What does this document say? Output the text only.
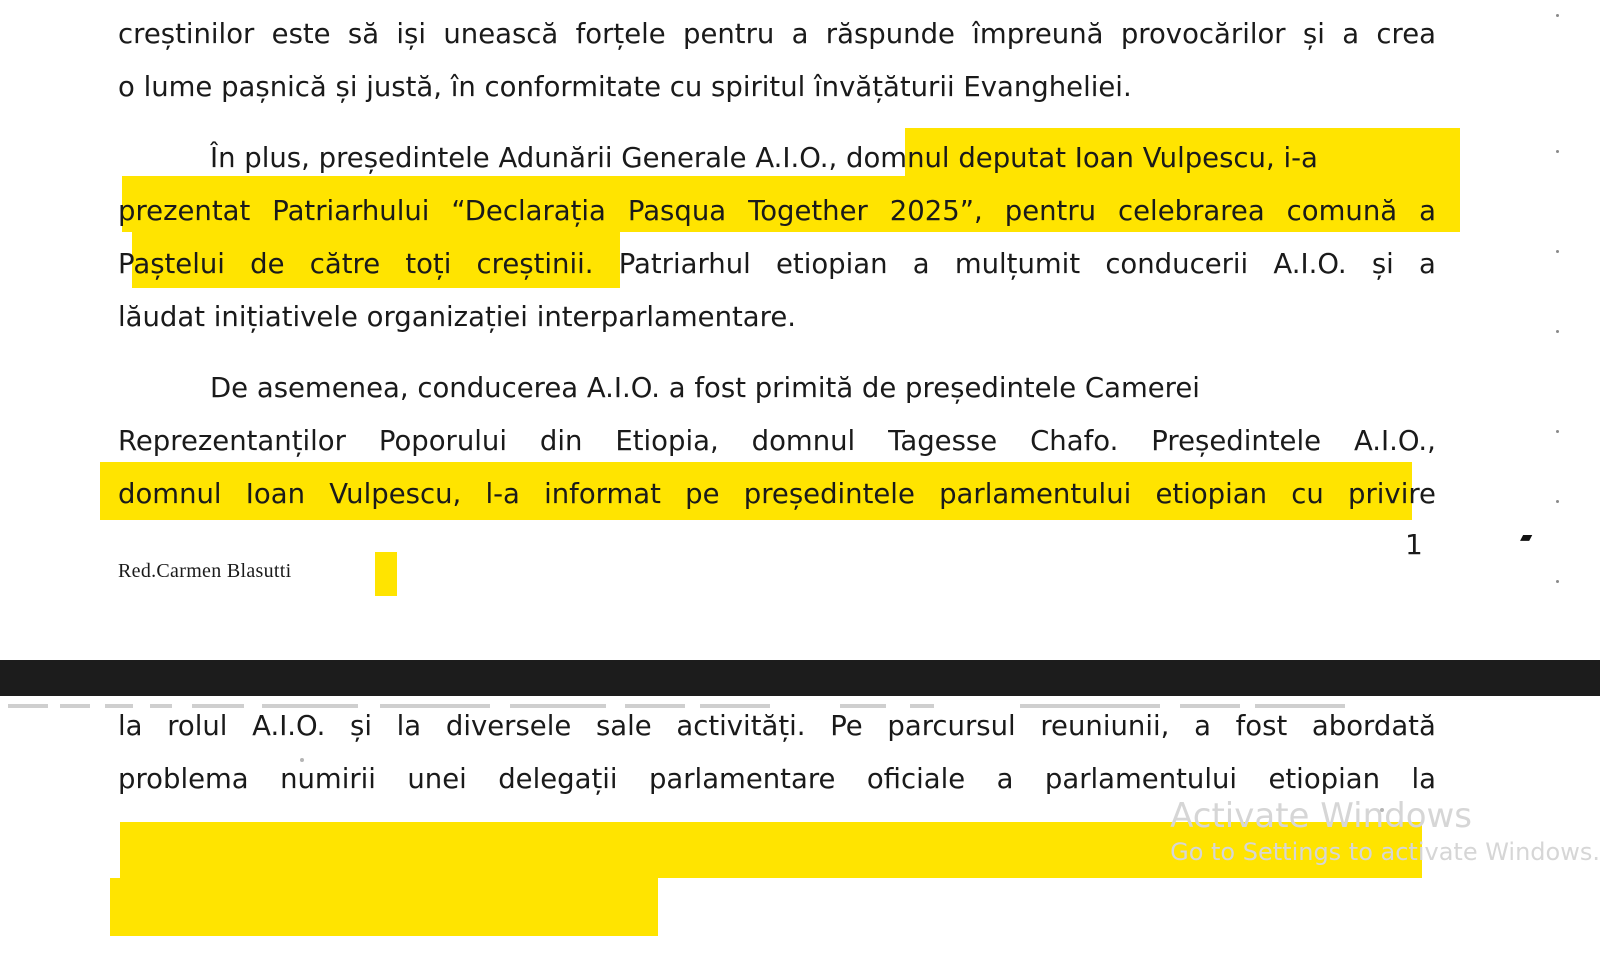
creștinilor este să iși unească forțele pentru a răspunde împreună provocărilor și a crea
o lume pașnică și justă, în conformitate cu spiritul învățăturii Evangheliei.
În plus, președintele Adunării Generale A.I.O., domnul deputat Ioan Vulpescu, i-a
prezentat Patriarhului “Declarația Pasqua Together 2025”, pentru celebrarea comună a
Paștelui de către toți creștinii. Patriarhul etiopian a mulțumit conducerii A.I.O. și a
lăudat inițiativele organizației interparlamentare.
De asemenea, conducerea A.I.O. a fost primită de președintele Camerei
Reprezentanților Poporului din Etiopia, domnul Tagesse Chafo. Președintele A.I.O.,
domnul Ioan Vulpescu, l-a informat pe președintele parlamentului etiopian cu privire
1
Red.Carmen Blasutti
▰
la rolul A.I.O. și la diversele sale activități. Pe parcursul reuniunii, a fost abordată
problema numirii unei delegații parlamentare oficiale a parlamentului etiopian la
Activate Windows
Go to Settings to activate Windows.
